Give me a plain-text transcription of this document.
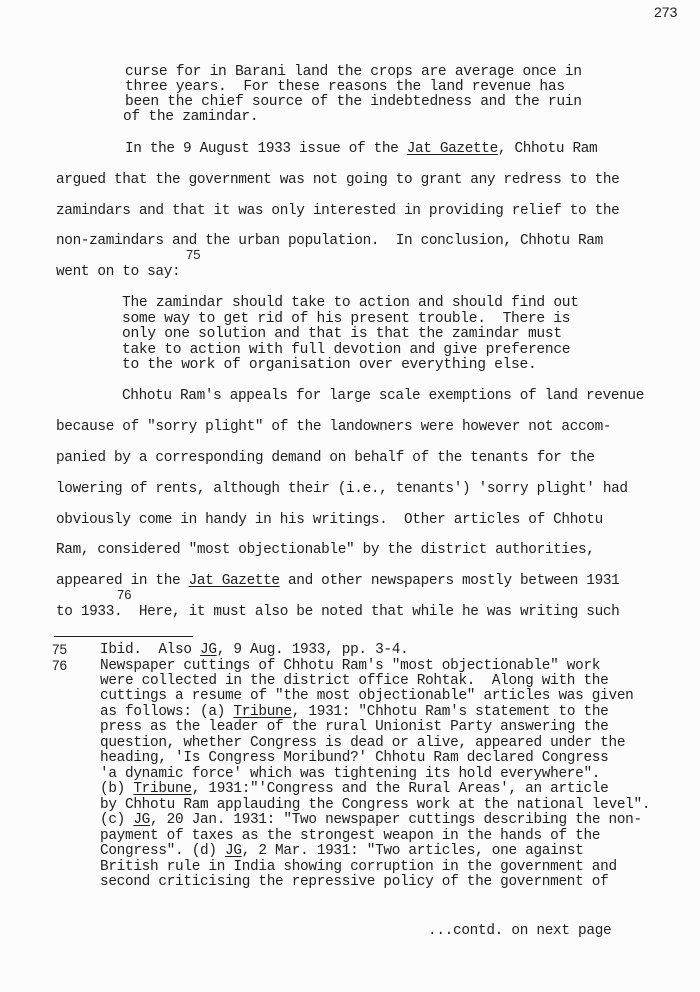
273
curse for in Barani land the crops are average once in
three years.  For these reasons the land revenue has
been the chief source of the indebtedness and the ruin
of the zamindar.
In the 9 August 1933 issue of the Jat Gazette, Chhotu Ram
argued that the government was not going to grant any redress to the
zamindars and that it was only interested in providing relief to the
non-zamindars and the urban population.  In conclusion, Chhotu Ram
75
went on to say:
The zamindar should take to action and should find out
some way to get rid of his present trouble.  There is
only one solution and that is that the zamindar must
take to action with full devotion and give preference
to the work of organisation over everything else.
Chhotu Ram's appeals for large scale exemptions of land revenue
because of "sorry plight" of the landowners were however not accom-
panied by a corresponding demand on behalf of the tenants for the
lowering of rents, although their (i.e., tenants') 'sorry plight' had
obviously come in handy in his writings.  Other articles of Chhotu
Ram, considered "most objectionable" by the district authorities,
appeared in the Jat Gazette and other newspapers mostly between 1931
76
to 1933.  Here, it must also be noted that while he was writing such
75 Ibid.  Also JG, 9 Aug. 1933, pp. 3-4.
76 Newspaper cuttings of Chhotu Ram's "most objectionable" work
were collected in the district office Rohtak.  Along with the
cuttings a resume of "the most objectionable" articles was given
as follows: (a) Tribune, 1931: "Chhotu Ram's statement to the
press as the leader of the rural Unionist Party answering the
question, whether Congress is dead or alive, appeared under the
heading, 'Is Congress Moribund?' Chhotu Ram declared Congress
'a dynamic force' which was tightening its hold everywhere".
(b) Tribune, 1931:"'Congress and the Rural Areas', an article
by Chhotu Ram applauding the Congress work at the national level".
(c) JG, 20 Jan. 1931: "Two newspaper cuttings describing the non-
payment of taxes as the strongest weapon in the hands of the
Congress". (d) JG, 2 Mar. 1931: "Two articles, one against
British rule in India showing corruption in the government and
second criticising the repressive policy of the government of
...contd. on next page
